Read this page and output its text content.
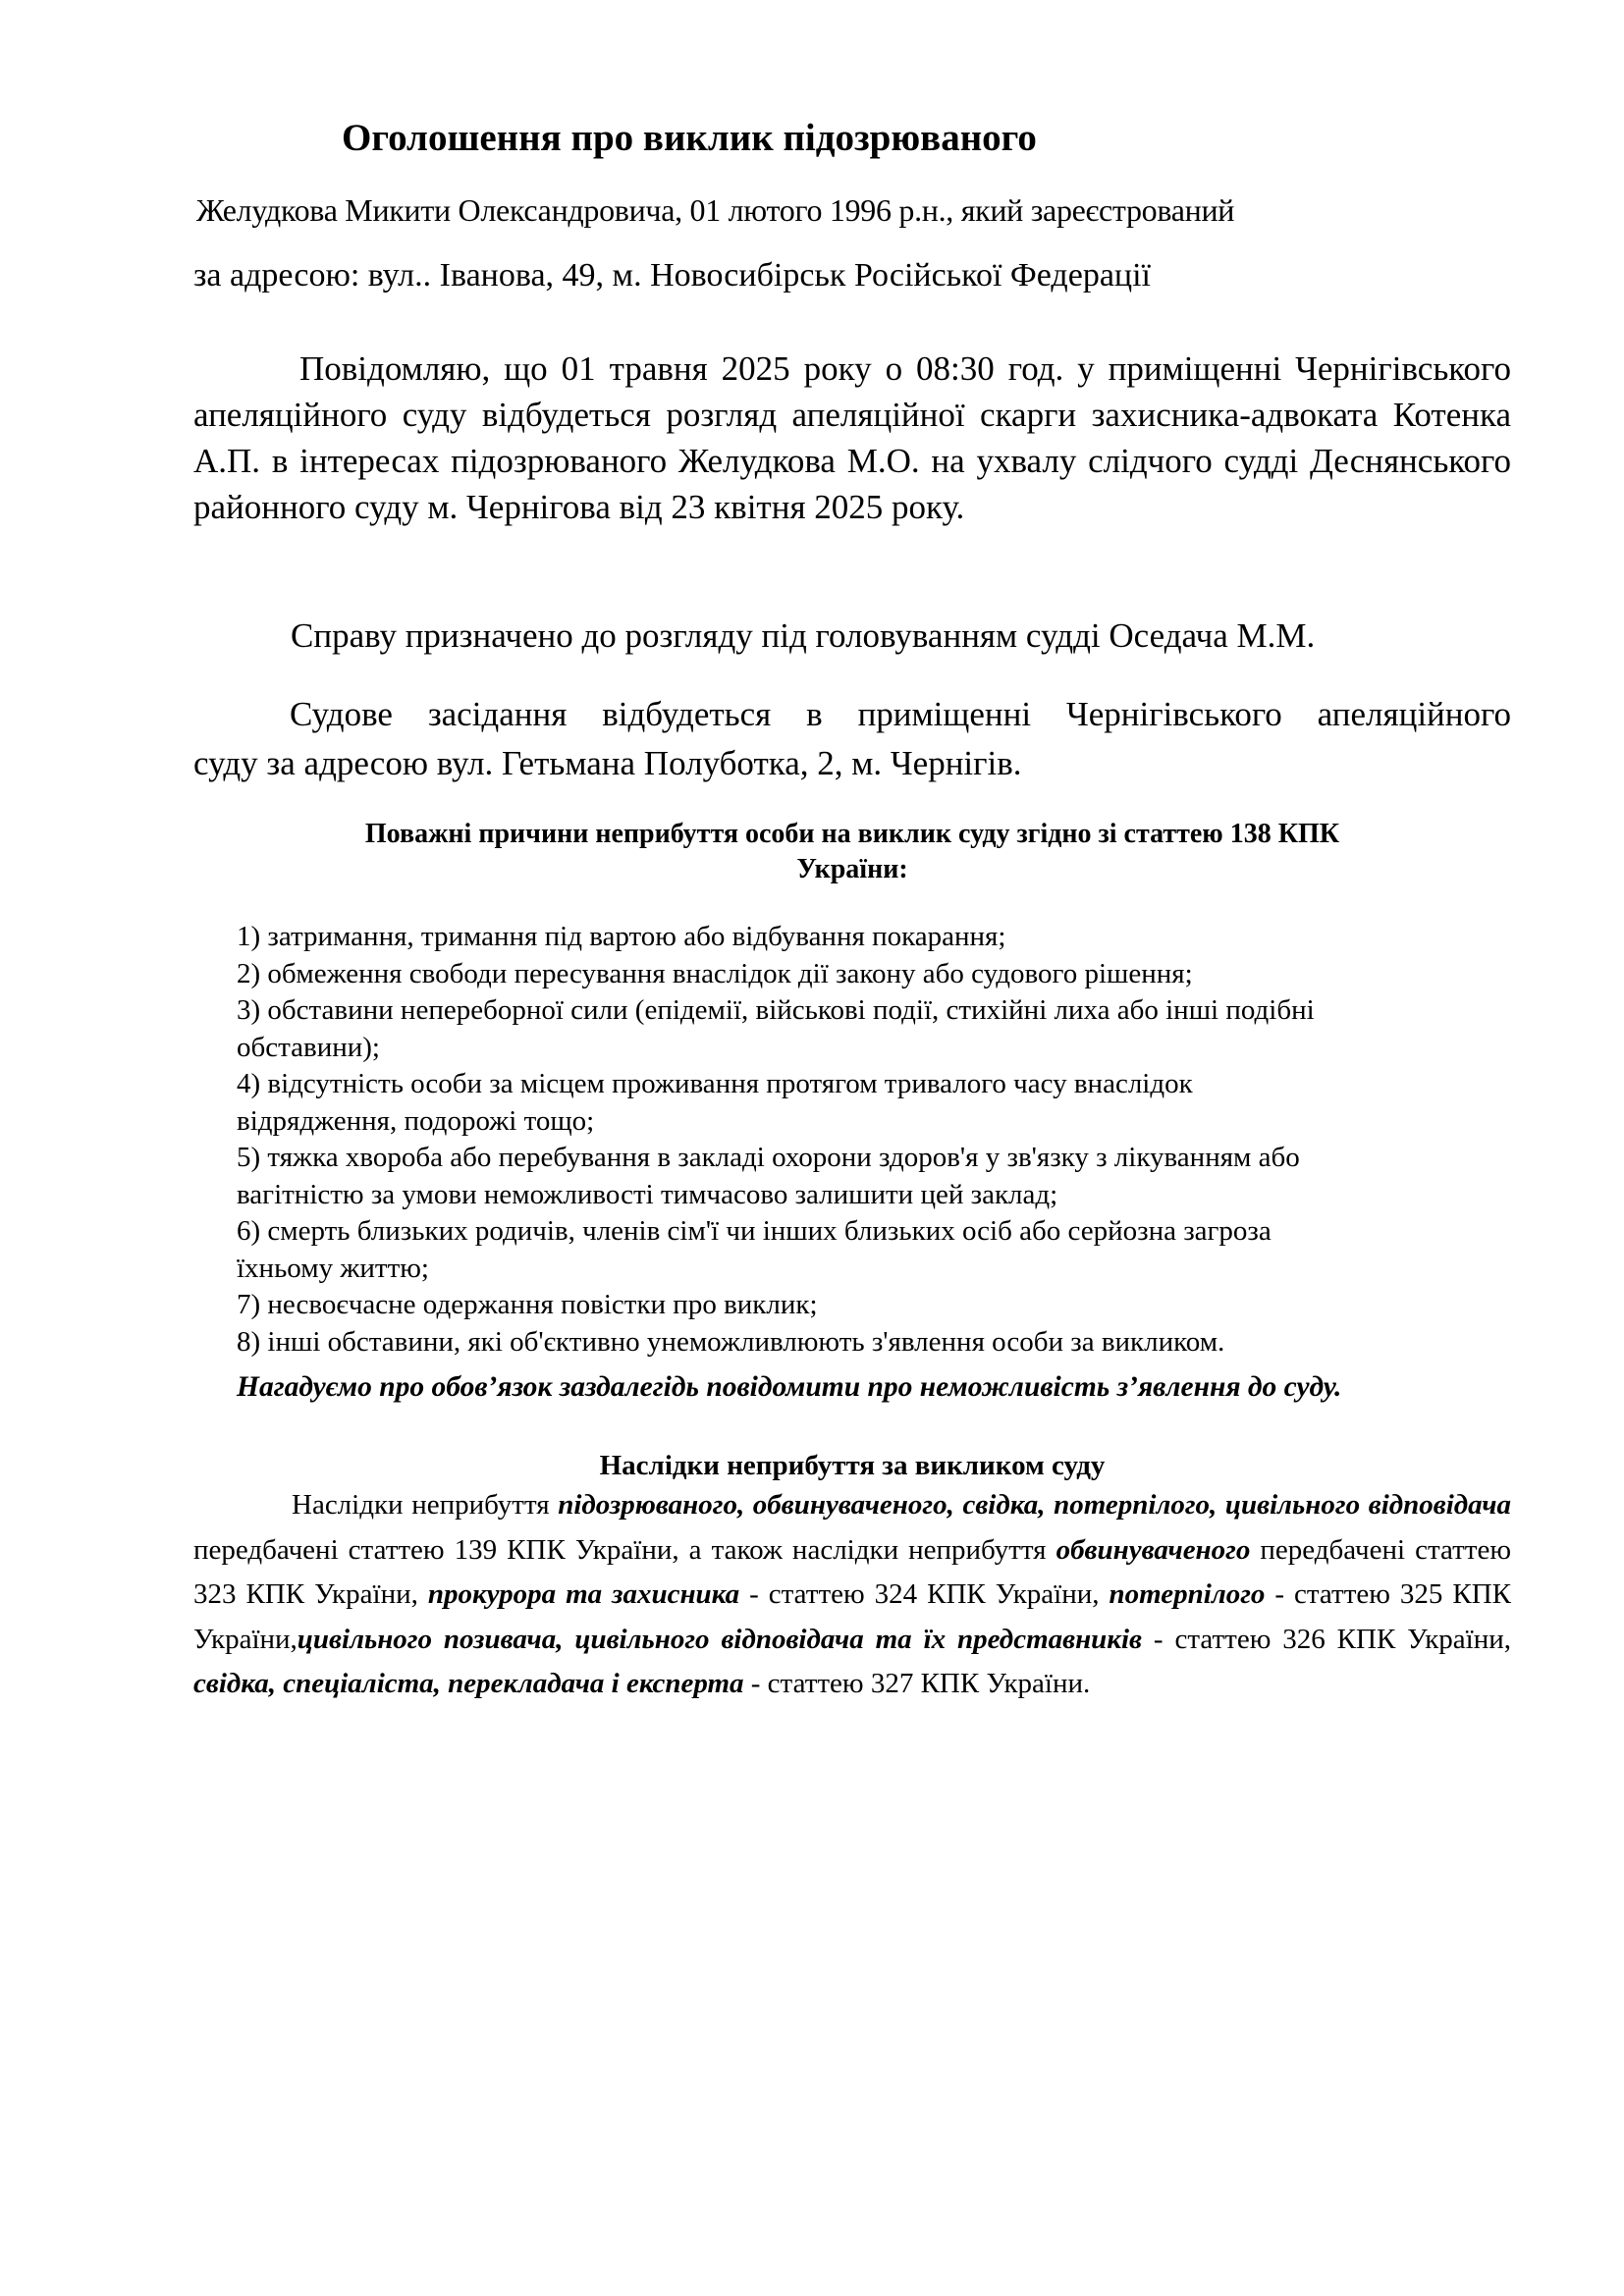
Оголошення про виклик підозрюваного
Желудкова Микити Олександровича, 01 лютого 1996 р.н., який зареєстрований
за адресою: вул.. Іванова, 49, м. Новосибірськ Російської Федерації

Повідомляю, що 01 травня 2025 року о 08:30 год. у приміщенні Чернігівського апеляційного суду відбудеться розгляд апеляційної скарги захисника-адвоката Котенка А.П. в інтересах підозрюваного Желудкова М.О. на ухвалу слідчого судді Деснянського районного суду м. Чернігова від 23 квітня 2025 року.

Справу призначено до розгляду під головуванням судді Оседача М.М.
Судове засідання відбудеться в приміщенні Чернігівського апеляційного
суду за адресою вул. Гетьмана Полуботка, 2, м. Чернігів.
Поважні причини неприбуття особи на виклик суду згідно зі статтею 138 КПК
України:
1) затримання, тримання під вартою або відбування покарання;
2) обмеження свободи пересування внаслідок дії закону або судового рішення;
3) обставини непереборної сили (епідемії, військові події, стихійні лиха або інші подібні
обставини);
4) відсутність особи за місцем проживання протягом тривалого часу внаслідок
відрядження, подорожі тощо;
5) тяжка хвороба або перебування в закладі охорони здоров'я у зв'язку з лікуванням або
вагітністю за умови неможливості тимчасово залишити цей заклад;
6) смерть близьких родичів, членів сім'ї чи інших близьких осіб або серйозна загроза
їхньому життю;
7) несвоєчасне одержання повістки про виклик;
8) інші обставини, які об'єктивно унеможливлюють з'явлення особи за викликом.
Нагадуємо про обов’язок заздалегідь повідомити про неможливість з’явлення до суду.
Наслідки неприбуття за викликом суду

Наслідки неприбуття підозрюваного, обвинуваченого, свідка, потерпілого, цивільного відповідача передбачені статтею 139 КПК України, а також наслідки неприбуття обвинуваченого передбачені статтею 323 КПК України, прокурора та захисника - статтею 324 КПК України, потерпілого - статтею 325 КПК України,цивільного позивача, цивільного відповідача та їх представників - статтею 326 КПК України, свідка, спеціаліста, перекладача і експерта - статтею 327 КПК України.
